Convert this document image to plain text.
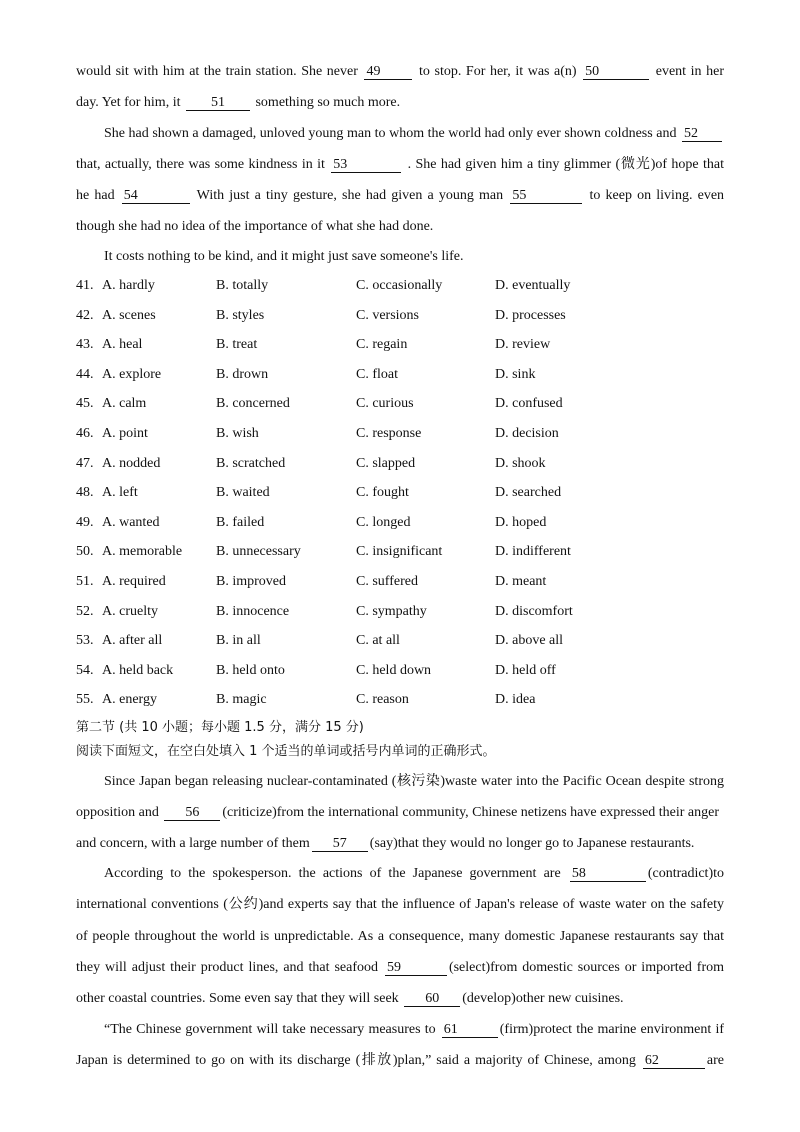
would sit with him at the train station. She never 49	to stop. For her, it was a(n) 50	event in her
day. Yet for him, it 51 something so much more.
She had shown a damaged, unloved young man to whom the world had only ever shown coldness and 52
that, actually, there was some kindness in it 53	. She had given him a tiny glimmer (微光)of hope that
he had 54	With just a tiny gesture, she had given a young man 55	to keep on living. even
though she had no idea of the importance of what she had done.
It costs nothing to be kind, and it might just save someone's life.
41. A. hardly	B. totally	C. occasionally	D. eventually
42. A. scenes	B. styles	C. versions	D. processes
43. A. heal	B. treat	C. regain	D. review
44. A. explore	B. drown	C. float	D. sink
45. A. calm	B. concerned	C. curious	D. confused
46. A. point	B. wish	C. response	D. decision
47. A. nodded	B. scratched	C. slapped	D. shook
48. A. left	B. waited	C. fought	D. searched
49. A. wanted	B. failed	C. longed	D. hoped
50. A. memorable B. unnecessary	C. insignificant	D. indifferent
51. A. required	B. improved	C. suffered	D. meant
52. A. cruelty	B. innocence	C. sympathy	D. discomfort
53. A. after all	B. in all	C. at all	D. above all
54. A. held back	B. held onto	C. held down	D. held off
55. A. energy	B. magic	C. reason	D. idea
第二节 (共 10 小题；每小题 1.5 分，满分 15 分)
阅读下面短文，在空白处填入 1 个适当的单词或括号内单词的正确形式。
Since Japan began releasing nuclear-contaminated (核污染)waste water into the Pacific Ocean despite strong
opposition and 56 (criticize)from the international community, Chinese netizens have expressed their anger
and concern, with a large number of them 57 (say)that they would no longer go to Japanese restaurants.
According to the spokesperson. the actions of the Japanese government are 58	(contradict)to
international conventions (公约)and experts say that the influence of Japan's release of waste water on the safety
of people throughout the world is unpredictable. As a consequence, many domestic Japanese restaurants say that
they will adjust their product lines, and that seafood 59	(select)from domestic sources or imported from
other coastal countries. Some even say that they will seek 60 (develop)other new cuisines.
“The Chinese government will take necessary measures to 61	(firm)protect the marine environment if
Japan is determined to go on with its discharge (排放)plan,” said a majority of Chinese, among 62	are
